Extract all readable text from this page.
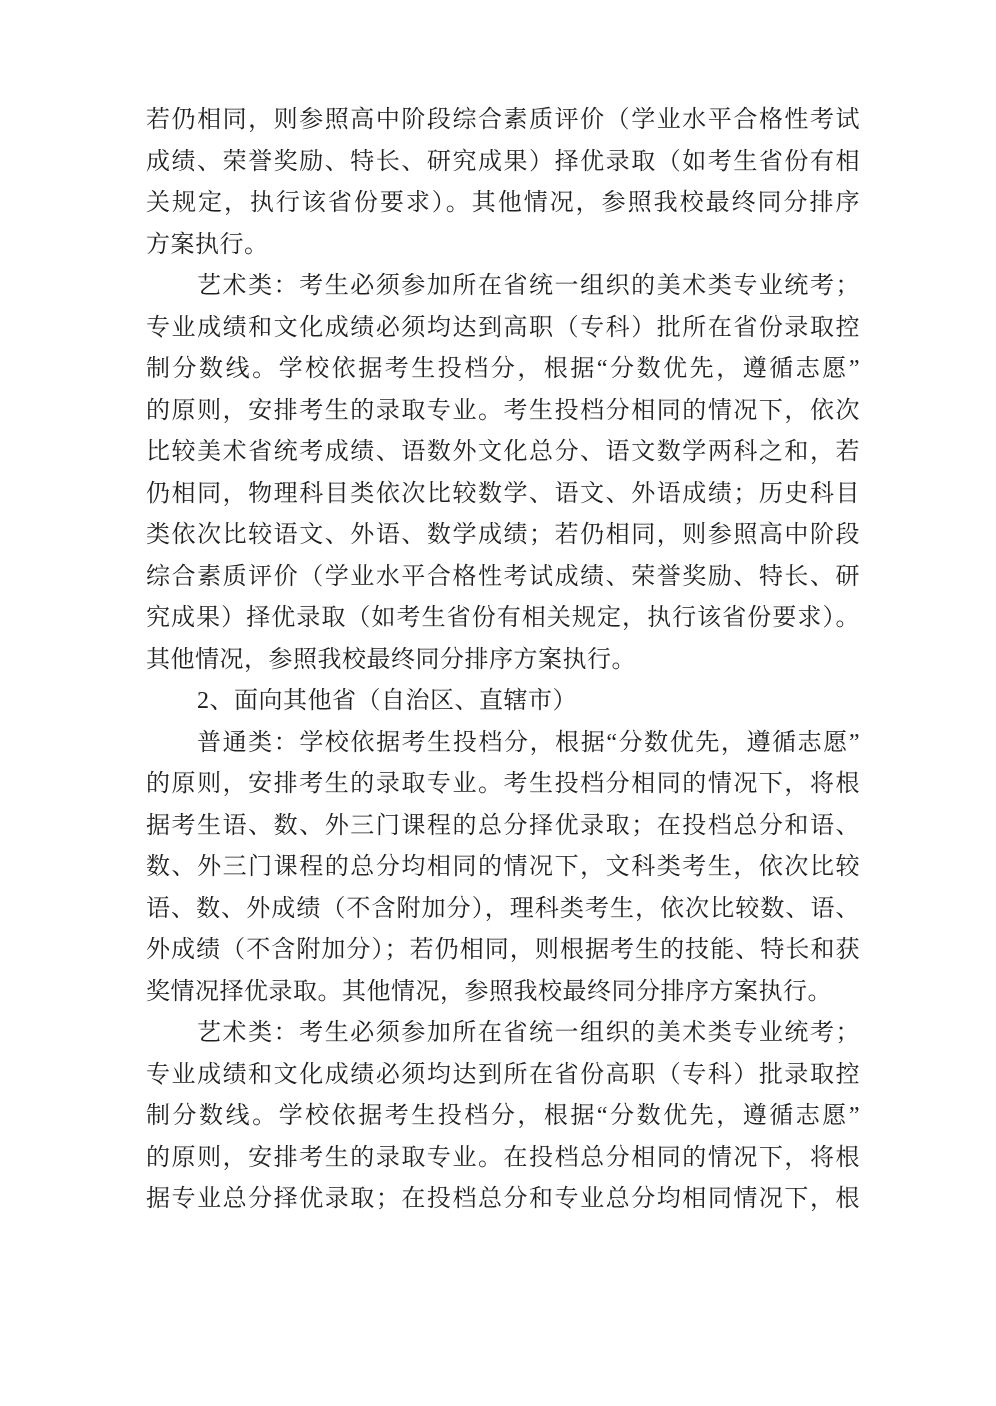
若仍相同，则参照高中阶段综合素质评价（学业水平合格性考试
成绩、荣誉奖励、特长、研究成果）择优录取（如考生省份有相
关规定，执行该省份要求）。其他情况，参照我校最终同分排序
方案执行。
艺术类：考生必须参加所在省统一组织的美术类专业统考；
专业成绩和文化成绩必须均达到高职（专科）批所在省份录取控
制分数线。学校依据考生投档分，根据“分数优先，遵循志愿”
的原则，安排考生的录取专业。考生投档分相同的情况下，依次
比较美术省统考成绩、语数外文化总分、语文数学两科之和，若
仍相同，物理科目类依次比较数学、语文、外语成绩；历史科目
类依次比较语文、外语、数学成绩；若仍相同，则参照高中阶段
综合素质评价（学业水平合格性考试成绩、荣誉奖励、特长、研
究成果）择优录取（如考生省份有相关规定，执行该省份要求）。
其他情况，参照我校最终同分排序方案执行。
2、面向其他省（自治区、直辖市）
普通类：学校依据考生投档分，根据“分数优先，遵循志愿”
的原则，安排考生的录取专业。考生投档分相同的情况下，将根
据考生语、数、外三门课程的总分择优录取；在投档总分和语、
数、外三门课程的总分均相同的情况下，文科类考生，依次比较
语、数、外成绩（不含附加分），理科类考生，依次比较数、语、
外成绩（不含附加分）；若仍相同，则根据考生的技能、特长和获
奖情况择优录取。其他情况，参照我校最终同分排序方案执行。
艺术类：考生必须参加所在省统一组织的美术类专业统考；
专业成绩和文化成绩必须均达到所在省份高职（专科）批录取控
制分数线。学校依据考生投档分，根据“分数优先，遵循志愿”
的原则，安排考生的录取专业。在投档总分相同的情况下，将根
据专业总分择优录取；在投档总分和专业总分均相同情况下，根
